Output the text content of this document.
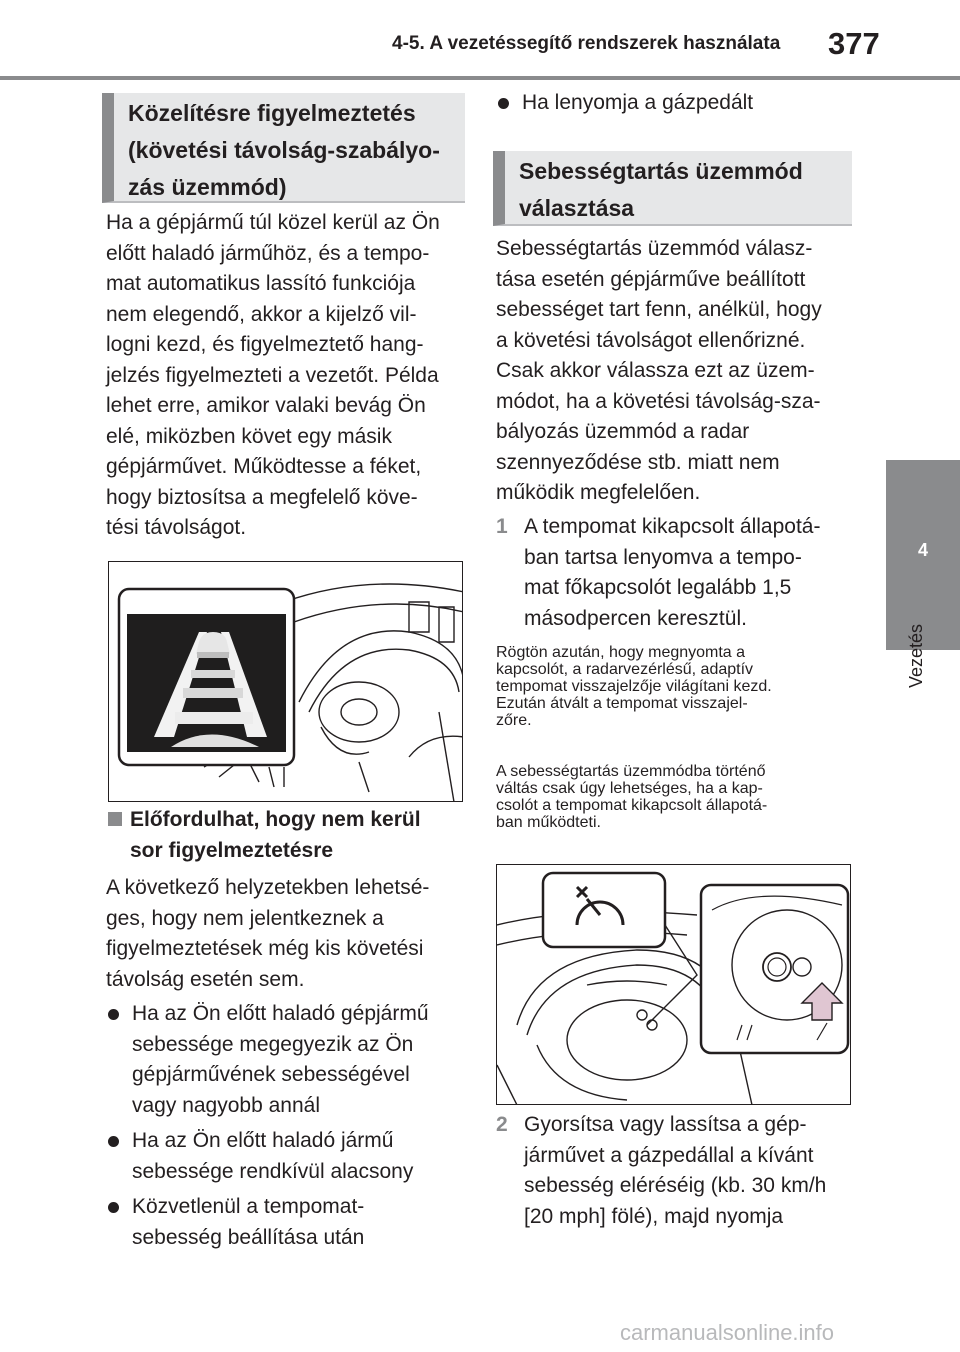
4-5. A vezetéssegítő rendszerek használata 377
4
Vezetés
Közelítésre figyelmeztetés
(követési távolság-szabályo-
zás üzemmód)
Ha a gépjármű túl közel kerül az Ön
előtt haladó járműhöz, és a tempo-
mat automatikus lassító funkciója
nem elegendő, akkor a kijelző vil-
logni kezd, és figyelmeztető hang-
jelzés figyelmezteti a vezetőt. Példa
lehet erre, amikor valaki bevág Ön
elé, miközben követ egy másik
gépjárművet. Működtesse a féket,
hogy biztosítsa a megfelelő köve-
tési távolságot.
Előfordulhat, hogy nem kerül
sor figyelmeztetésre
A következő helyzetekben lehetsé-
ges, hogy nem jelentkeznek a
figyelmeztetések még kis követési
távolság esetén sem.
Ha az Ön előtt haladó gépjármű
sebessége megegyezik az Ön
gépjárművének sebességével
vagy nagyobb annál
Ha az Ön előtt haladó jármű
sebessége rendkívül alacsony
Közvetlenül a tempomat-
sebesség beállítása után
Ha lenyomja a gázpedált
Sebességtartás üzemmód
választása
Sebességtartás üzemmód válasz-
tása esetén gépjárműve beállított
sebességet tart fenn, anélkül, hogy
a követési távolságot ellenőrizné.
Csak akkor válassza ezt az üzem-
módot, ha a követési távolság-sza-
bályozás üzemmód a radar
szennyeződése stb. miatt nem
működik megfelelően.
1 A tempomat kikapcsolt állapotá-
ban tartsa lenyomva a tempo-
mat főkapcsolót legalább 1,5
másodpercen keresztül.
Rögtön azután, hogy megnyomta a
kapcsolót, a radarvezérlésű, adaptív
tempomat visszajelzője világítani kezd.
Ezután átvált a tempomat visszajel-
zőre.
A sebességtartás üzemmódba történő
váltás csak úgy lehetséges, ha a kap-
csolót a tempomat kikapcsolt állapotá-
ban működteti.
2 Gyorsítsa vagy lassítsa a gép-
járművet a gázpedállal a kívánt
sebesség eléréséig (kb. 30 km/h
[20 mph] fölé), majd nyomja
carmanualsonline.info
